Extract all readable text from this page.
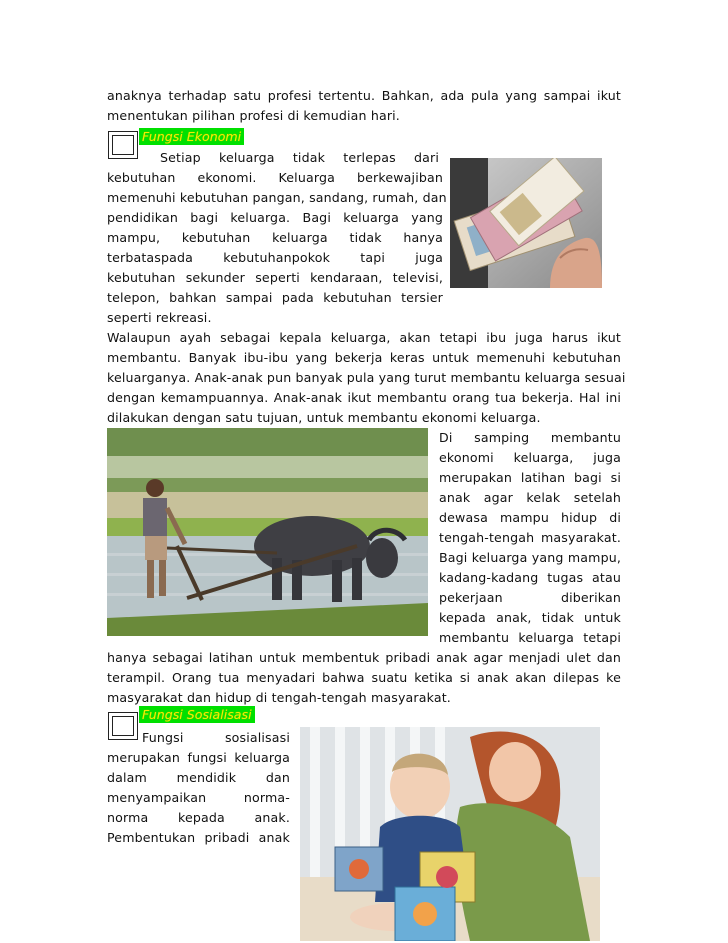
anaknya terhadap satu profesi tertentu. Bahkan, ada pula yang sampai ikut
menentukan pilihan profesi di kemudian hari.
Fungsi Ekonomi
Setiap keluarga tidak terlepas dari
kebutuhan ekonomi. Keluarga berkewajiban
memenuhi kebutuhan pangan, sandang, rumah, dan
pendidikan bagi keluarga. Bagi keluarga yang
mampu, kebutuhan keluarga tidak hanya
terbataspada kebutuhanpokok tapi juga
kebutuhan sekunder seperti kendaraan, televisi,
telepon, bahkan sampai pada kebutuhan tersier
seperti rekreasi.
Walaupun ayah sebagai kepala keluarga, akan tetapi ibu juga harus ikut
membantu. Banyak ibu-ibu yang bekerja keras untuk memenuhi kebutuhan
keluarganya. Anak-anak pun banyak pula yang turut membantu keluarga sesuai
dengan kemampuannya. Anak-anak ikut membantu orang tua bekerja. Hal ini
dilakukan dengan satu tujuan, untuk membantu ekonomi keluarga.
Di samping membantu
ekonomi keluarga, juga
merupakan latihan bagi si
anak agar kelak setelah
dewasa mampu hidup di
tengah-tengah masyarakat.
Bagi keluarga yang mampu,
kadang-kadang tugas atau
pekerjaan diberikan
kepada anak, tidak untuk
membantu keluarga tetapi
hanya sebagai latihan untuk membentuk pribadi anak agar menjadi ulet dan
terampil. Orang tua menyadari bahwa suatu ketika si anak akan dilepas ke
masyarakat dan hidup di tengah-tengah masyarakat.
Fungsi Sosialisasi
Fungsi sosialisasi
merupakan fungsi keluarga
dalam mendidik dan
menyampaikan norma-
norma kepada anak.
Pembentukan pribadi anak
